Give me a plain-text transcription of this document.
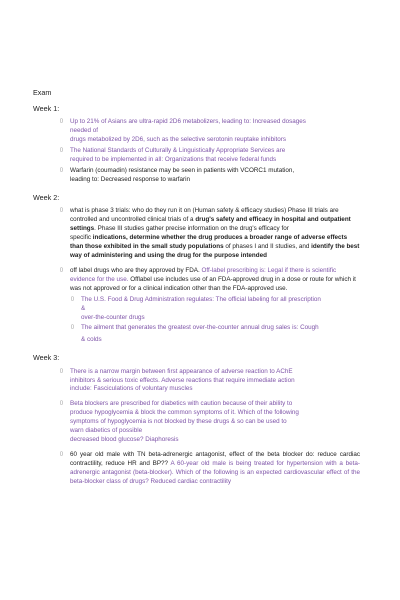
Exam
Week 1:
▯ Up to 21% of Asians are ultra-rapid 2D6 metabolizers, leading to: Increased dosages
needed of
drugs metabolized by 2D6, such as the selective serotonin reuptake inhibitors
▯ The National Standards of Culturally & Linguistically Appropriate Services are
required to be implemented in all: Organizations that receive federal funds
▯ Warfarin (coumadin) resistance may be seen in patients with VCORC1 mutation,
leading to: Decreased response to warfarin
Week 2:
▯ what is phase 3 trials: who do they run it on (Human safety & efficacy studies) Phase III trials are controlled and uncontrolled clinical trials of a drug's safety and efficacy in hospital and outpatient settings. Phase III studies gather precise information on the drug's efficacy for
specific indications, determine whether the drug produces a broader range of adverse effects than those exhibited in the small study populations of phases I and II studies, and identify the best way of administering and using the drug for the purpose intended
▯ off label drugs who are they approved by FDA. Off-label prescribing is: Legal if there is scientific evidence for the use. Offlabel use includes use of an FDA-approved drug in a dose or route for which it was not approved or for a clinical indication other than the FDA-approved use.
▯ The U.S. Food & Drug Administration regulates: The official labeling for all prescription
&
over-the-counter drugs
▯ The ailment that generates the greatest over-the-counter annual drug sales is: Cough
& colds
Week 3:
▯ There is a narrow margin between first appearance of adverse reaction to AChE
inhibitors & serious toxic effects. Adverse reactions that require immediate action
include: Fasciculations of voluntary muscles
▯ Beta blockers are prescribed for diabetics with caution because of their ability to
produce hypoglycemia & block the common symptoms of it. Which of the following
symptoms of hypoglycemia is not blocked by these drugs & so can be used to
warn diabetics of possible
decreased blood glucose? Diaphoresis
▯ 60 year old male with TN beta-adrenergic antagonist, effect of the beta blocker do: reduce cardiac contractility, reduce HR and BP?? A 60-year old male is being treated for hypertension with a beta-adrenergic antagonist (beta-blocker). Which of the following is an expected cardiovascular effect of the beta-blocker class of drugs? Reduced cardiac contractility
